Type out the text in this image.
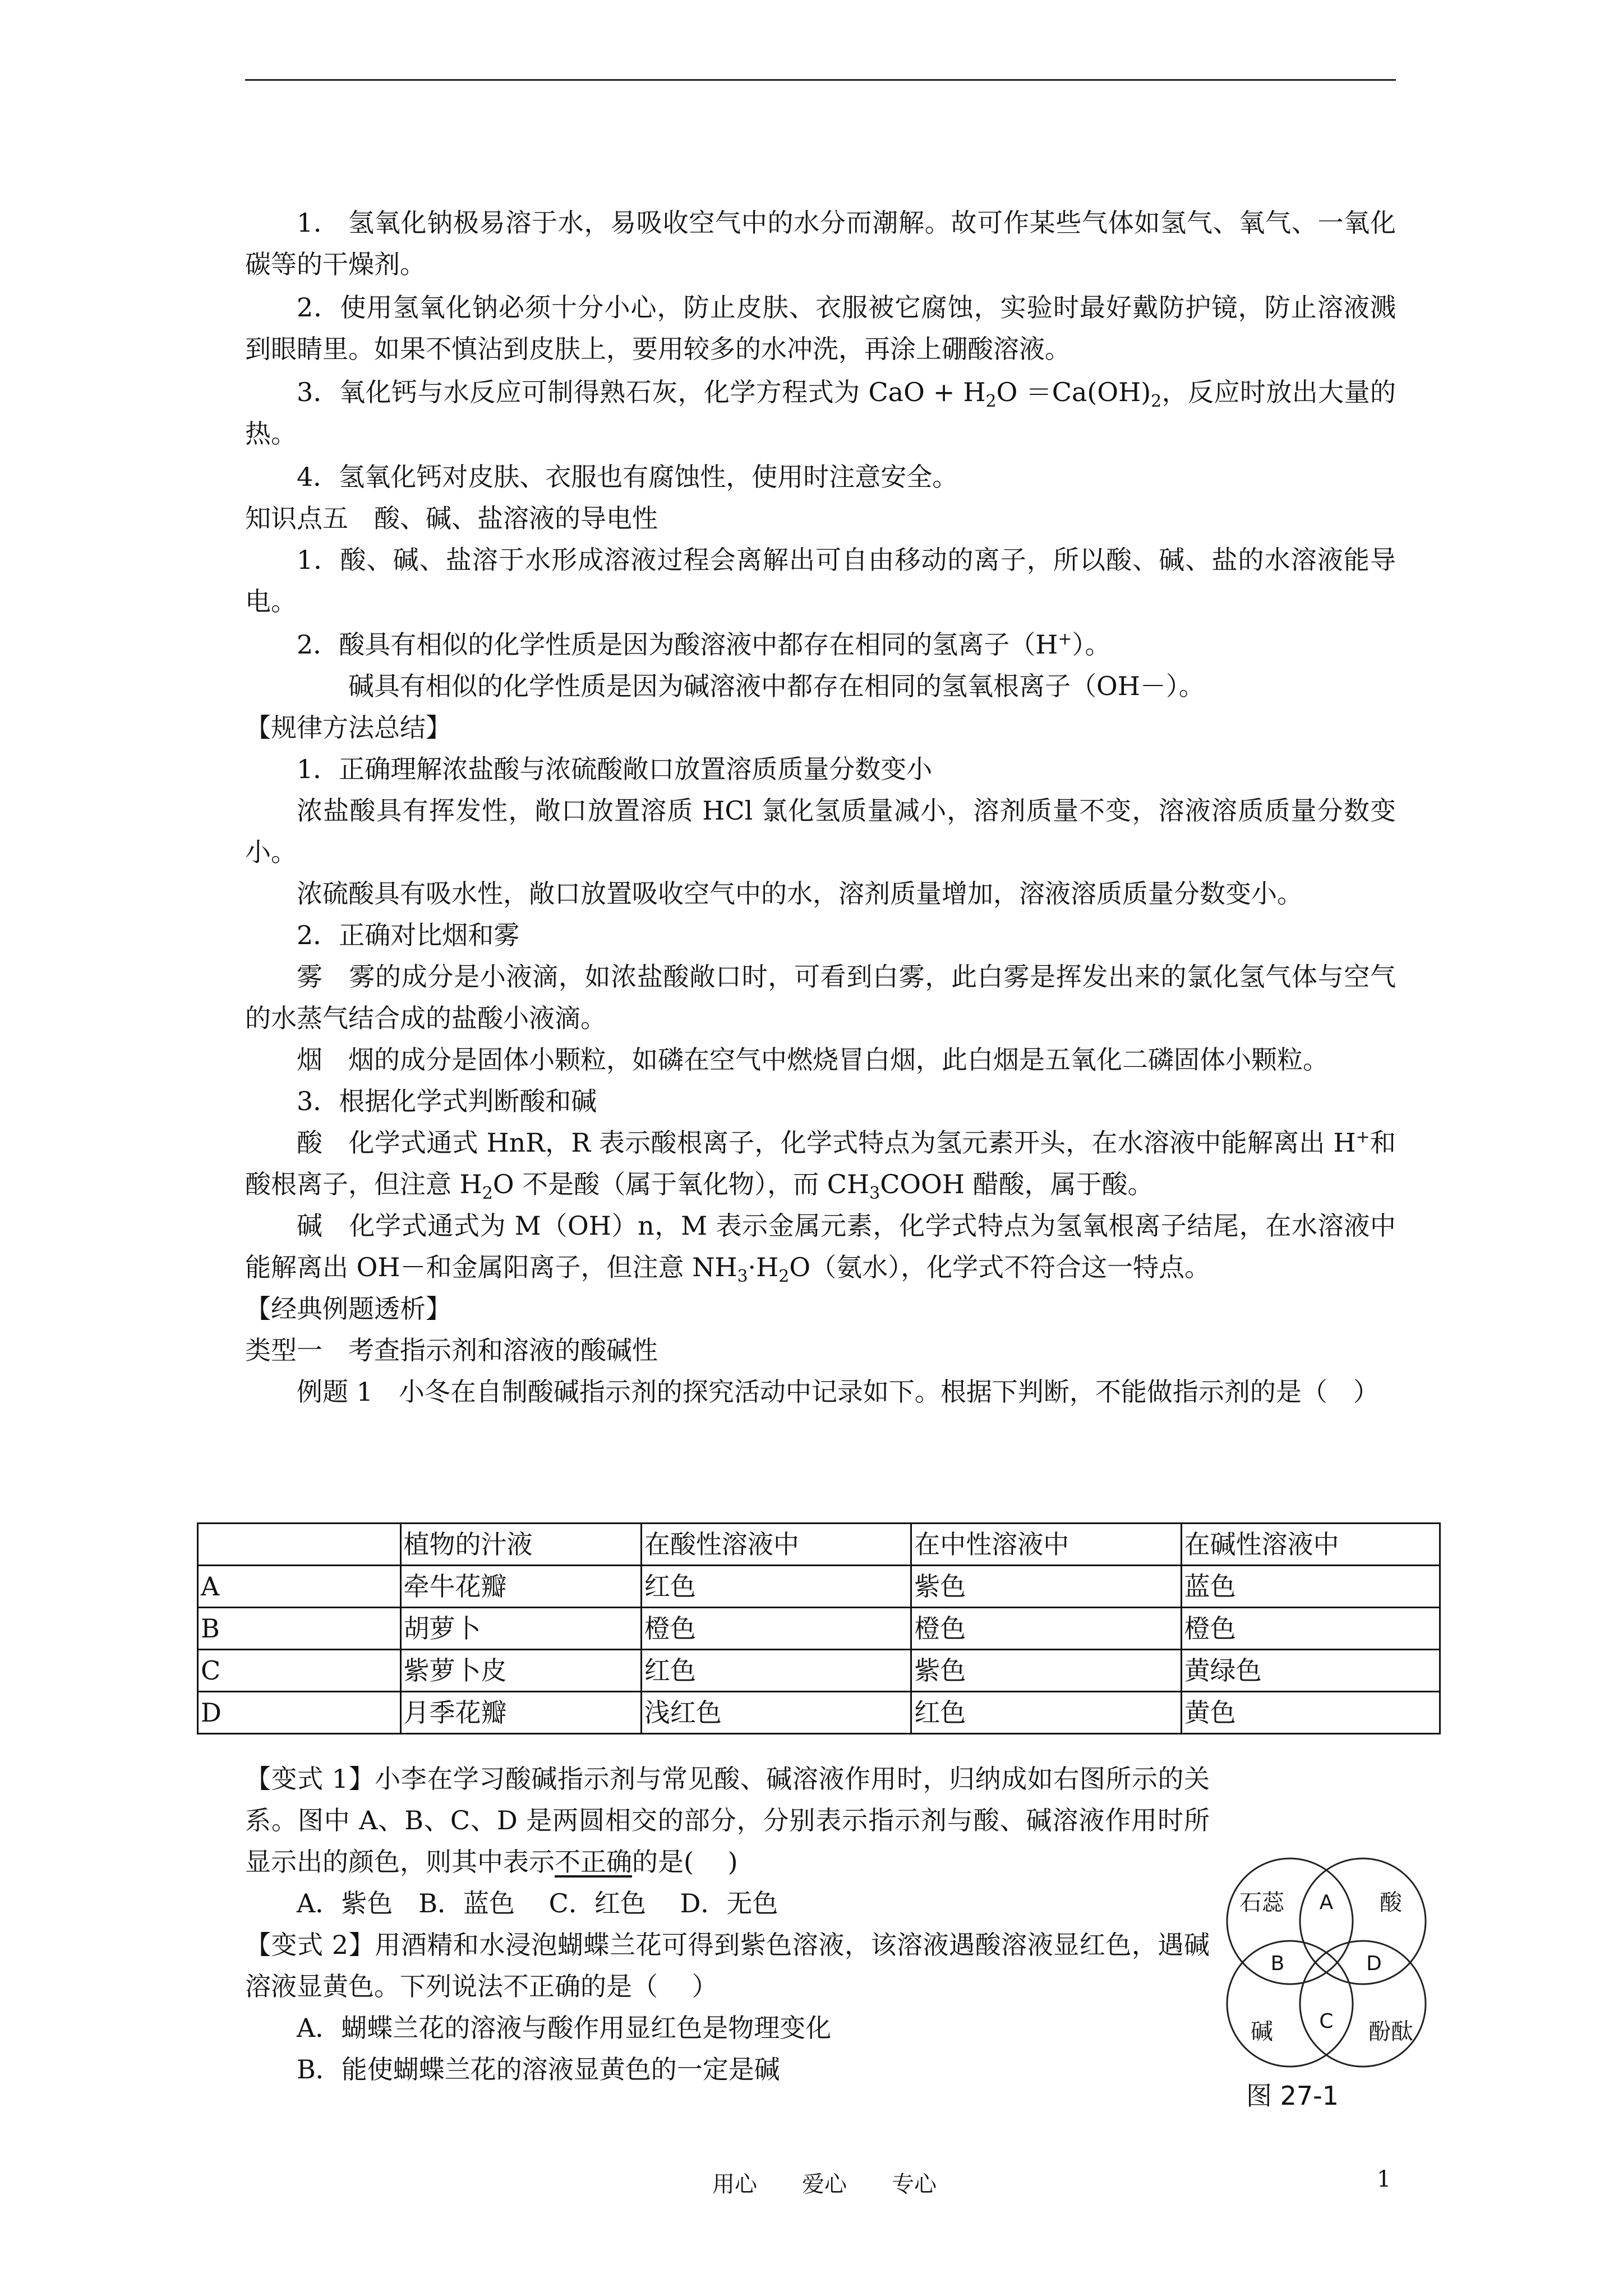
1． 氢氧化钠极易溶于水，易吸收空气中的水分而潮解。故可作某些气体如氢气、氧气、一氧化碳等的干燥剂。

2．使用氢氧化钠必须十分小心，防止皮肤、衣服被它腐蚀，实验时最好戴防护镜，防止溶液溅到眼睛里。如果不慎沾到皮肤上，要用较多的水冲洗，再涂上硼酸溶液。

3．氧化钙与水反应可制得熟石灰，化学方程式为 CaO + $H_2O =Ca(OH)_2$，反应时放出大量的热。

4．氢氧化钙对皮肤、衣服也有腐蚀性，使用时注意安全。

知识点五　酸、碱、盐溶液的导电性

1．酸、碱、盐溶于水形成溶液过程会离解出可自由移动的离子，所以酸、碱、盐的水溶液能导电。

2．酸具有相似的化学性质是因为酸溶液中都存在相同的氢离子（H+）。

碱具有相似的化学性质是因为碱溶液中都存在相同的氢氧根离子（OH－）。

【规律方法总结】

1．正确理解浓盐酸与浓硫酸敞口放置溶质质量分数变小

浓盐酸具有挥发性，敞口放置溶质 HCl 氯化氢质量减小，溶剂质量不变，溶液溶质质量分数变小。

浓硫酸具有吸水性，敞口放置吸收空气中的水，溶剂质量增加，溶液溶质质量分数变小。

2．正确对比烟和雾

雾　雾的成分是小液滴，如浓盐酸敞口时，可看到白雾，此白雾是挥发出来的氯化氢气体与空气的水蒸气结合成的盐酸小液滴。

烟　烟的成分是固体小颗粒，如磷在空气中燃烧冒白烟，此白烟是五氧化二磷固体小颗粒。

3．根据化学式判断酸和碱

酸　化学式通式 HnR，R 表示酸根离子，化学式特点为氢元素开头，在水溶液中能解离出 H+和酸根离子，但注意 $H_2O$ 不是酸（属于氧化物），而 $CH_3COOH$ 醋酸，属于酸。

碱　化学式通式为 M（OH）n，M 表示金属元素，化学式特点为氢氧根离子结尾，在水溶液中能解离出 OH－和金属阳离子，但注意 $NH_3\cdot H_2O$（氨水），化学式不符合这一特点。

【经典例题透析】

类型一　考查指示剂和溶液的酸碱性

例题 1　小冬在自制酸碱指示剂的探究活动中记录如下。根据下判断，不能做指示剂的是（　）

	植物的汁液	在酸性溶液中	在中性溶液中	在碱性溶液中
A	牵牛花瓣	红色	紫色	蓝色
B	胡萝卜	橙色	橙色	橙色
C	紫萝卜皮	红色	紫色	黄绿色
D	月季花瓣	浅红色	红色	黄色

【变式 1】小李在学习酸碱指示剂与常见酸、碱溶液作用时，归纳成如右图所示的关系。图中 A、B、C、D 是两圆相交的部分，分别表示指示剂与酸、碱溶液作用时所显示出的颜色，则其中表示不正确的是(　 )

A．紫色　B．蓝色　 C．红色　 D．无色

【变式 2】用酒精和水浸泡蝴蝶兰花可得到紫色溶液，该溶液遇酸溶液显红色，遇碱溶液显黄色。下列说法不正确的是（　 ）

A．蝴蝶兰花的溶液与酸作用显红色是物理变化

B．能使蝴蝶兰花的溶液显黄色的一定是碱

石蕊	酸
碱	酚酞
A
B
C
D
图 27-1
用心　　爱心　　专心	1
